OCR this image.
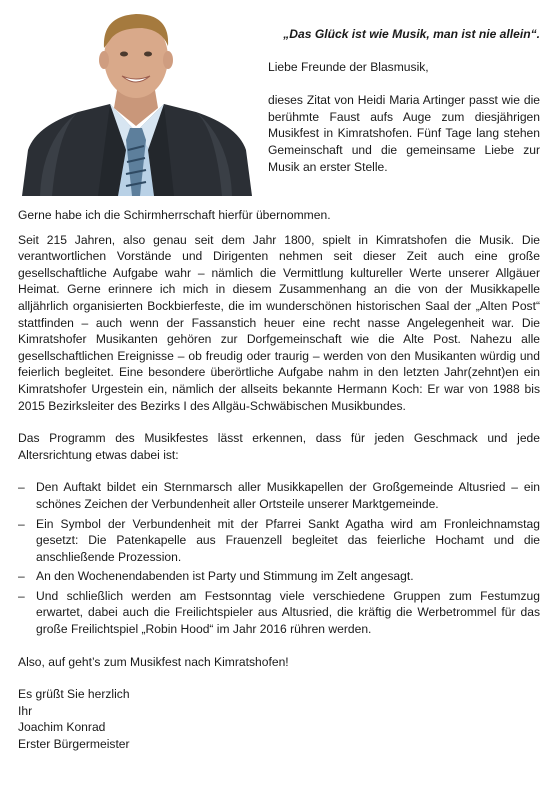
„Das Glück ist wie Musik, man ist nie allein“.

Liebe Freunde der Blasmusik,

dieses Zitat von Heidi Maria Artinger passt wie die berühmte Faust aufs Auge zum diesjährigen Musikfest in Kimratshofen. Fünf Tage lang stehen Gemeinschaft und die gemeinsame Liebe zur Musik an erster Stelle.

Gerne habe ich die Schirmherrschaft hierfür übernommen.

Seit 215 Jahren, also genau seit dem Jahr 1800, spielt in Kimratshofen die Musik. Die verantwortlichen Vorstände und Dirigenten nehmen seit dieser Zeit auch eine große gesellschaftliche Aufgabe wahr – nämlich die Vermittlung kultureller Werte unserer Allgäuer Heimat. Gerne erinnere ich mich in diesem Zusammenhang an die von der Musikkapelle alljährlich organisierten Bockbierfeste, die im wunderschönen historischen Saal der „Alten Post“ stattfinden – auch wenn der Fassanstich heuer eine recht nasse Angelegenheit war. Die Kimratshofer Musikanten gehören zur Dorfgemeinschaft wie die Alte Post. Nahezu alle gesellschaftlichen Ereignisse – ob freudig oder traurig – werden von den Musikanten würdig und feierlich begleitet. Eine besondere überörtliche Aufgabe nahm in den letzten Jahr(zehnt)en ein Kimratshofer Urgestein ein, nämlich der allseits bekannte Hermann Koch: Er war von 1988 bis 2015 Bezirksleiter des Bezirks I des Allgäu-Schwäbischen Musikbundes.

Das Programm des Musikfestes lässt erkennen, dass für jeden Geschmack und jede Altersrichtung etwas dabei ist:

– Den Auftakt bildet ein Sternmarsch aller Musikkapellen der Großgemeinde Altusried – ein schönes Zeichen der Verbundenheit aller Ortsteile unserer Marktgemeinde.
– Ein Symbol der Verbundenheit mit der Pfarrei Sankt Agatha wird am Fronleichnamstag gesetzt: Die Patenkapelle aus Frauenzell begleitet das feierliche Hochamt und die anschließende Prozession.
– An den Wochenendabenden ist Party und Stimmung im Zelt angesagt.
– Und schließlich werden am Festsonntag viele verschiedene Gruppen zum Festumzug erwartet, dabei auch die Freilichtspieler aus Altusried, die kräftig die Werbetrommel für das große Freilichtspiel „Robin Hood“ im Jahr 2016 rühren werden.

Also, auf geht’s zum Musikfest nach Kimratshofen!

Es grüßt Sie herzlich
Ihr
Joachim Konrad
Erster Bürgermeister
